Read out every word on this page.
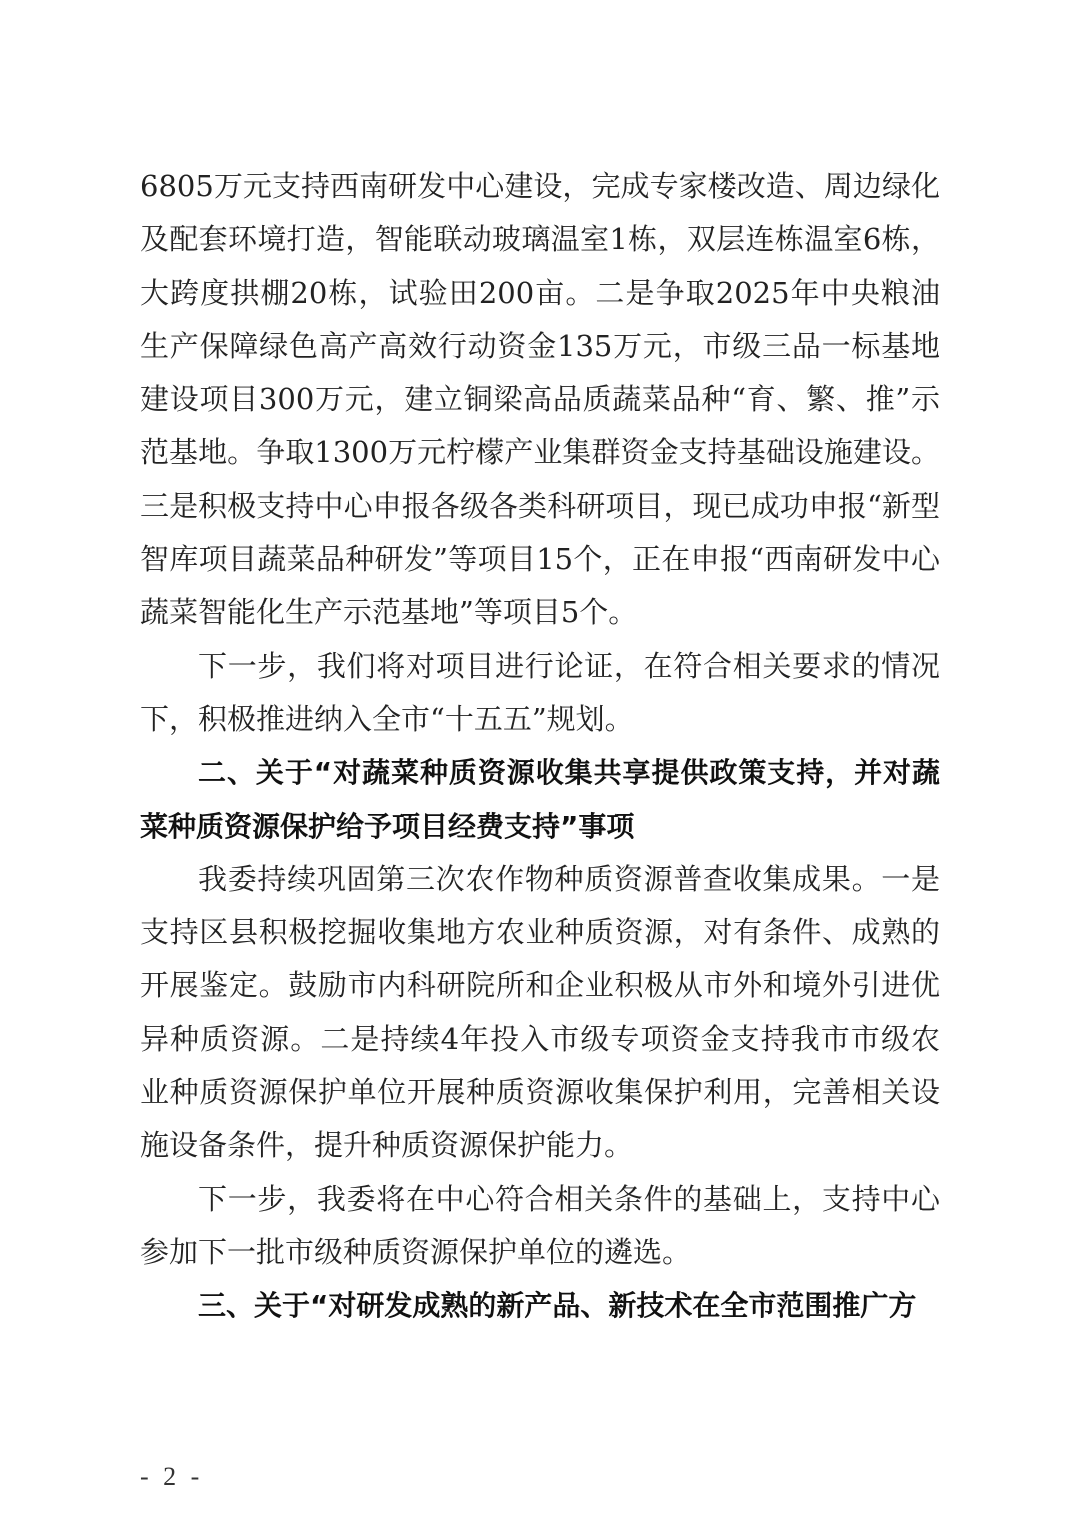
6805万元支持西南研发中心建设，完成专家楼改造、周边绿化及配套环境打造，智能联动玻璃温室1栋，双层连栋温室6栋，大跨度拱棚20栋，试验田200亩。二是争取2025年中央粮油生产保障绿色高产高效行动资金135万元，市级三品一标基地建设项目300万元，建立铜梁高品质蔬菜品种“育、繁、推”示范基地。争取1300万元柠檬产业集群资金支持基础设施建设。三是积极支持中心申报各级各类科研项目，现已成功申报“新型智库项目蔬菜品种研发”等项目15个，正在申报“西南研发中心蔬菜智能化生产示范基地”等项目5个。

下一步，我们将对项目进行论证，在符合相关要求的情况下，积极推进纳入全市“十五五”规划。

二、关于“对蔬菜种质资源收集共享提供政策支持，并对蔬菜种质资源保护给予项目经费支持”事项

我委持续巩固第三次农作物种质资源普查收集成果。一是支持区县积极挖掘收集地方农业种质资源，对有条件、成熟的开展鉴定。鼓励市内科研院所和企业积极从市外和境外引进优异种质资源。二是持续4年投入市级专项资金支持我市市级农业种质资源保护单位开展种质资源收集保护利用，完善相关设施设备条件，提升种质资源保护能力。

下一步，我委将在中心符合相关条件的基础上，支持中心参加下一批市级种质资源保护单位的遴选。

三、关于“对研发成熟的新产品、新技术在全市范围推广方

- 2 -
